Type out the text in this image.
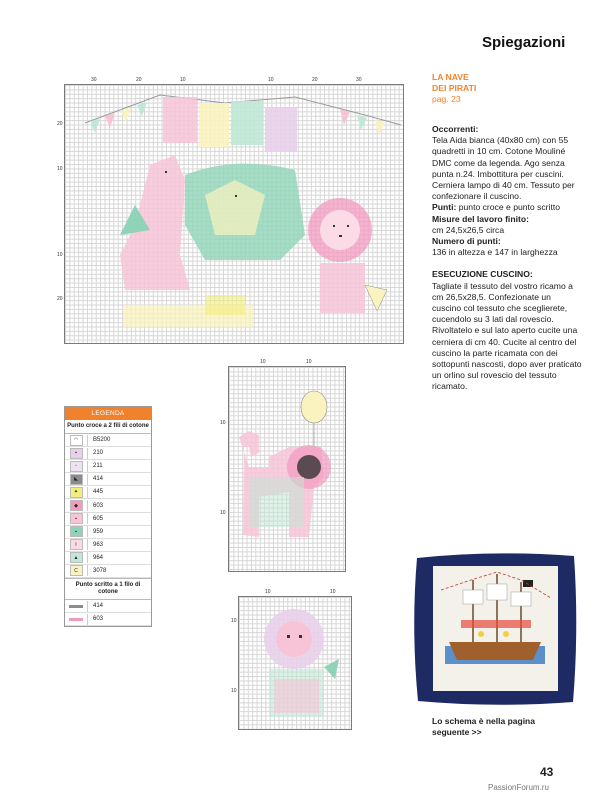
Spiegazioni
30	20	10	10	20	30
20
10
10
20
10	10
10
10
10	10
10
10
LEGENDA
Punto croce a 2 fili di cotone
◠	B5200
▪	210
▫	211
◣	414
✦	445
◆	603
▪	605
▪	959
I	963
▲	964
C	3078
Punto scritto a 1 filo di cotone
414
603
LA NAVE
DEI PIRATI
pag. 23
Occorrenti:
Tela Aida bianca (40x80 cm) con 55 quadretti in 10 cm. Cotone Mouliné DMC come da legenda. Ago senza punta n.24. Imbottitura per cuscini. Cerniera lampo di 40 cm. Tessuto per confezionare il cuscino.
Punti: punto croce e punto scritto
Misure del lavoro finito:
cm 24,5x26,5 circa
Numero di punti:
136 in altezza e 147 in larghezza
ESECUZIONE CUSCINO:
Tagliate il tessuto del vostro ricamo a cm 26,5x28,5. Confezionate un cuscino col tessuto che sceglierete, cucendolo su 3 lati dal rovescio. Rivoltatelo e sul lato aperto cucite una cerniera di cm 40. Cucite al centro del cuscino la parte ricamata con dei sottopunti nascosti, dopo aver praticato un orlino sul rovescio del tessuto ricamato.
Lo schema è nella pagina seguente >>
43
PassionForum.ru
